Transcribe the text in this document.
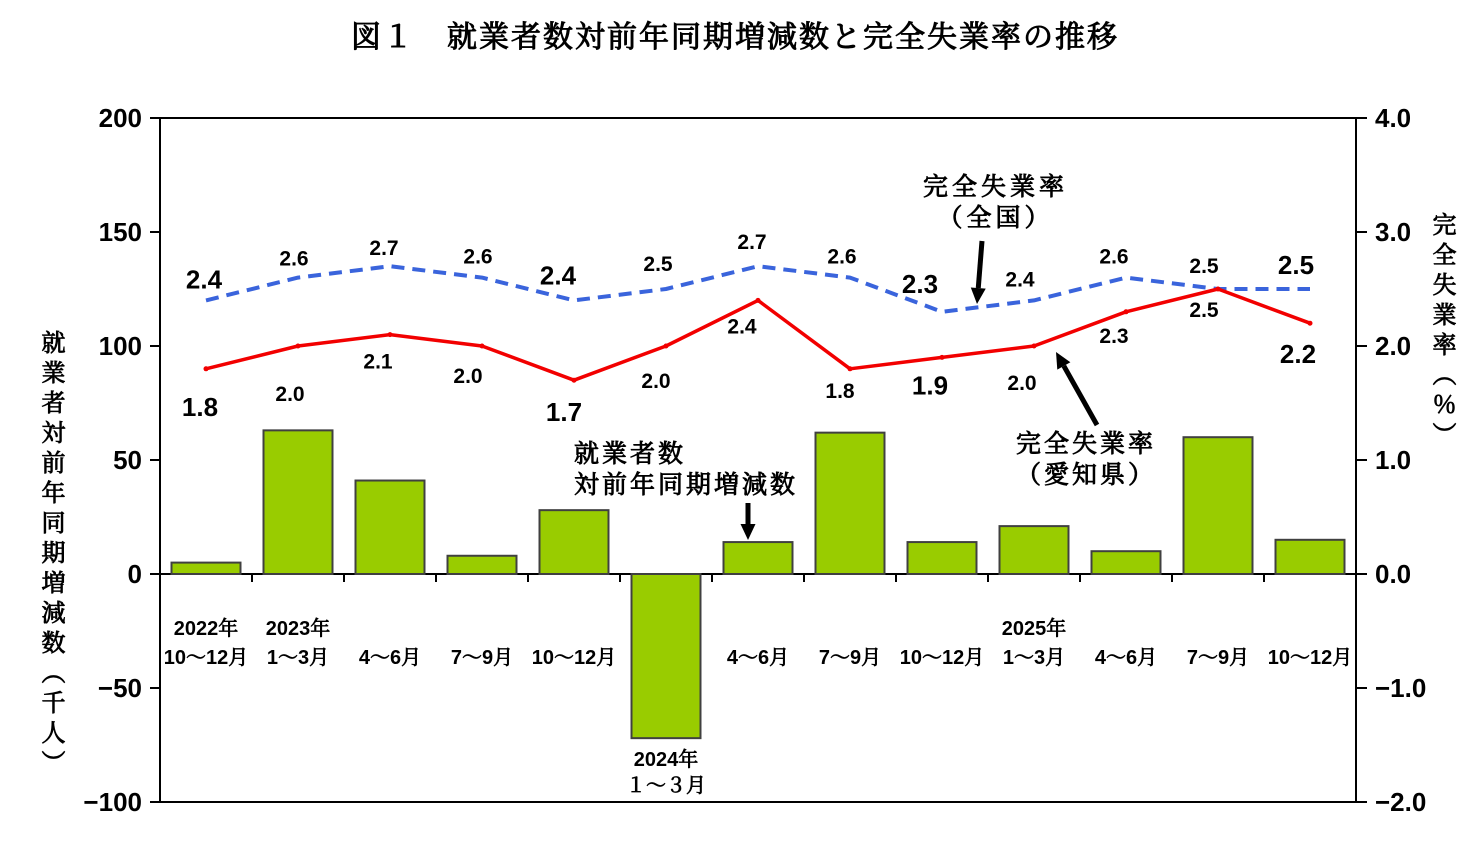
図１　就業者数対前年同期増減数と完全失業率の推移
200
150
100
50
0
−50
−100
4.0
3.0
2.0
1.0
0.0
−1.0
−2.0
2022年
10～12月
2023年
1～3月 4～6月 7～9月 10～12月
2024年
１～３月
4～6月 7～9月 10～12月
2025年
1～3月 4～6月 7～9月 10～12月
2.4
2.6	2.7	2.6
2.4	2.5
2.7
2.6
2.3	2.4
2.6	2.5 2.5
1.8	2.0
2.1
2.0
1.7
2.0
2.4
1.8 1.9	2.0
2.3
2.5
2.2
就業者対前年同期増減数（千人）	完全失業率（％）
完全失業率
（全国）
就業者数
対前年同期増減数
完全失業率
（愛知県）
